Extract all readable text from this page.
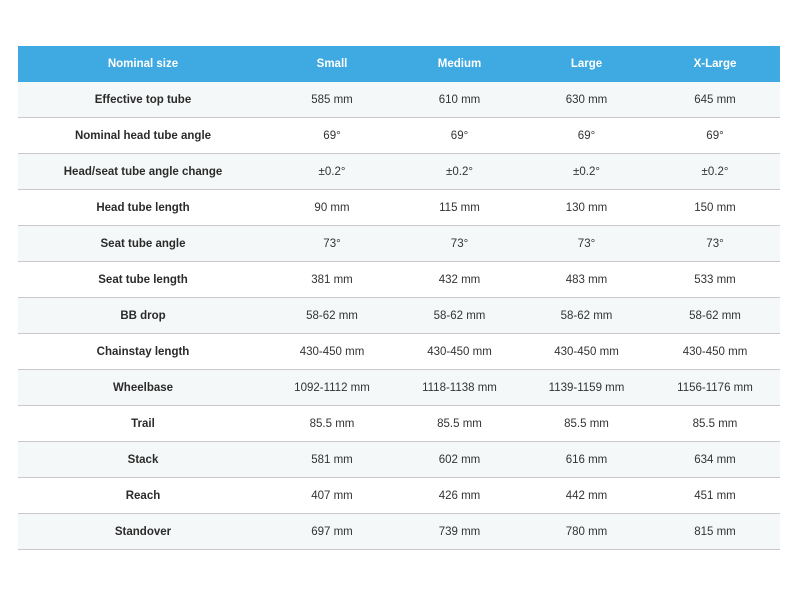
Nominal size	Small	Medium	Large	X-Large
Effective top tube	585 mm	610 mm	630 mm	645 mm
Nominal head tube angle	69°	69°	69°	69°
Head/seat tube angle change	±0.2°	±0.2°	±0.2°	±0.2°
Head tube length	90 mm	115 mm	130 mm	150 mm
Seat tube angle	73°	73°	73°	73°
Seat tube length	381 mm	432 mm	483 mm	533 mm
BB drop	58-62 mm	58-62 mm	58-62 mm	58-62 mm
Chainstay length	430-450 mm	430-450 mm	430-450 mm	430-450 mm
Wheelbase	1092-1112 mm	1118-1138 mm	1139-1159 mm	1156-1176 mm
Trail	85.5 mm	85.5 mm	85.5 mm	85.5 mm
Stack	581 mm	602 mm	616 mm	634 mm
Reach	407 mm	426 mm	442 mm	451 mm
Standover	697 mm	739 mm	780 mm	815 mm
